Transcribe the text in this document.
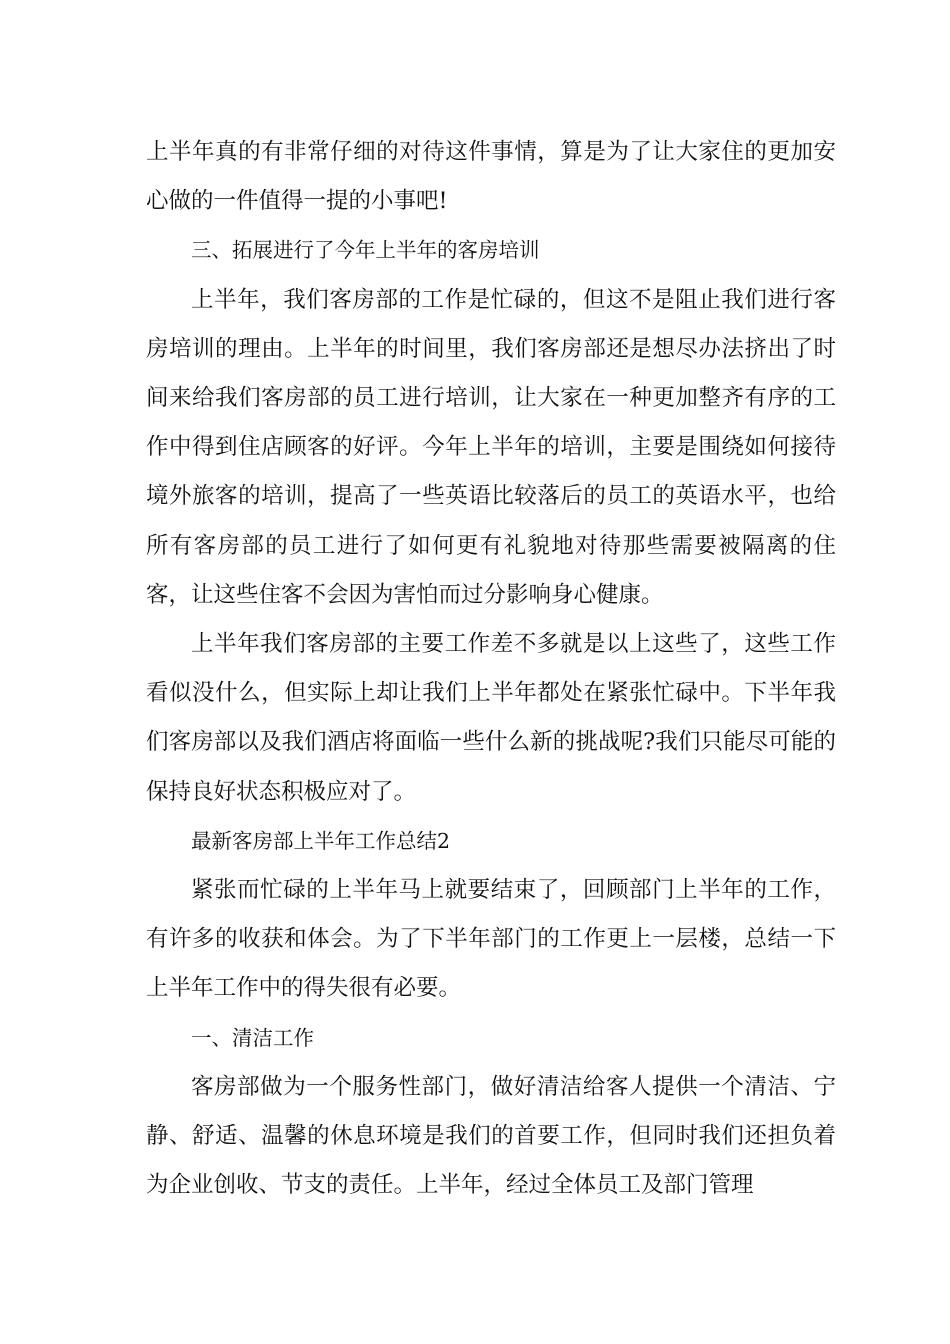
上半年真的有非常仔细的对待这件事情，算是为了让大家住的更加安心做的一件值得一提的小事吧!

三、拓展进行了今年上半年的客房培训

上半年，我们客房部的工作是忙碌的，但这不是阻止我们进行客房培训的理由。上半年的时间里，我们客房部还是想尽办法挤出了时间来给我们客房部的员工进行培训，让大家在一种更加整齐有序的工作中得到住店顾客的好评。今年上半年的培训，主要是围绕如何接待境外旅客的培训，提高了一些英语比较落后的员工的英语水平，也给所有客房部的员工进行了如何更有礼貌地对待那些需要被隔离的住客，让这些住客不会因为害怕而过分影响身心健康。

上半年我们客房部的主要工作差不多就是以上这些了，这些工作看似没什么，但实际上却让我们上半年都处在紧张忙碌中。下半年我们客房部以及我们酒店将面临一些什么新的挑战呢?我们只能尽可能的保持良好状态积极应对了。

最新客房部上半年工作总结2

紧张而忙碌的上半年马上就要结束了，回顾部门上半年的工作，有许多的收获和体会。为了下半年部门的工作更上一层楼，总结一下上半年工作中的得失很有必要。

一、清洁工作

客房部做为一个服务性部门，做好清洁给客人提供一个清洁、宁静、舒适、温馨的休息环境是我们的首要工作，但同时我们还担负着为企业创收、节支的责任。上半年，经过全体员工及部门管理
